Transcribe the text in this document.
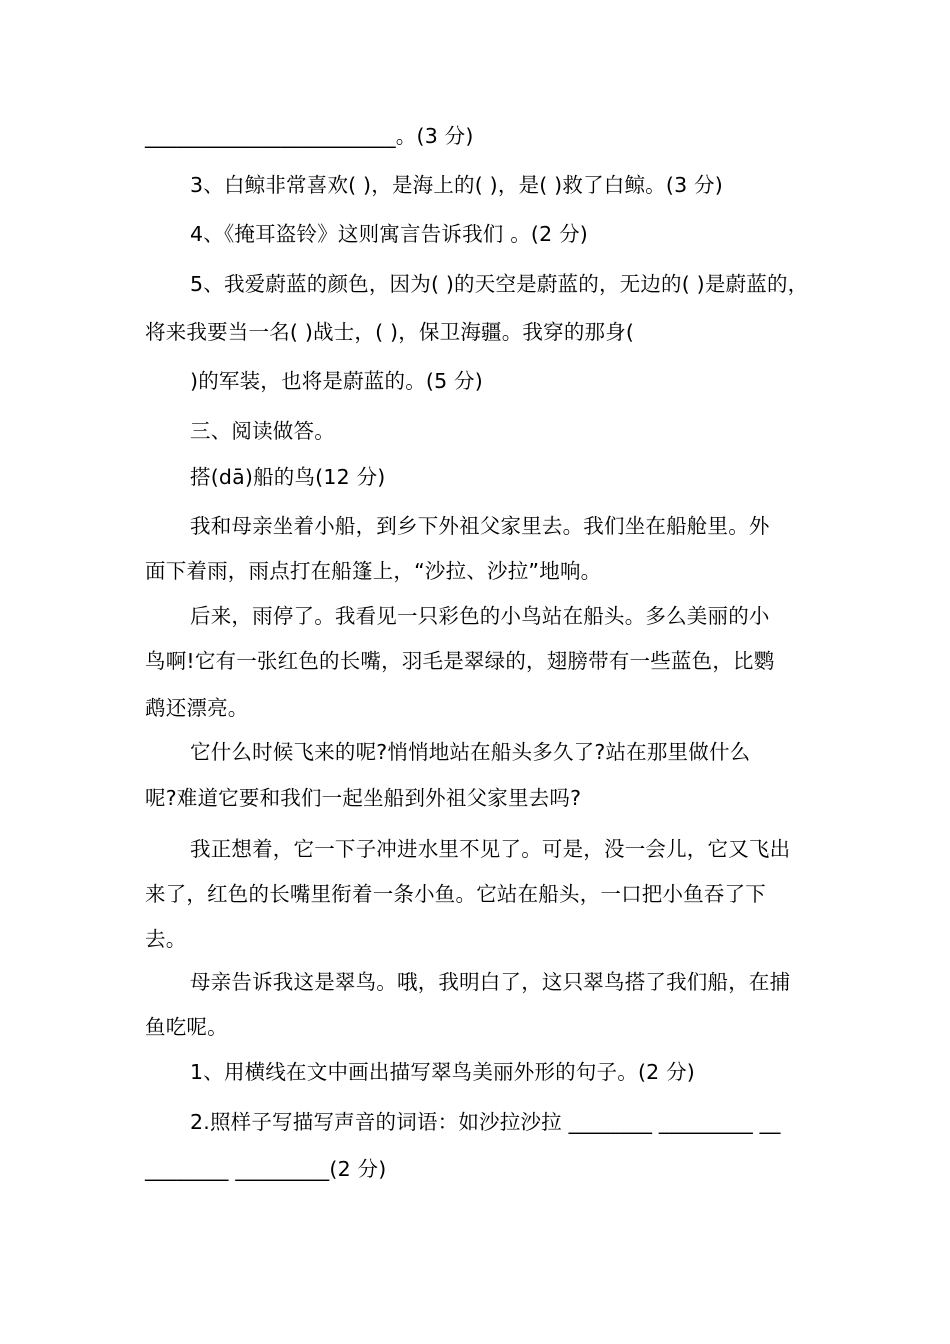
________________________。(3 分)
3、白鲸非常喜欢( )，是海上的( )，是( )救了白鲸。(3 分)
4、《掩耳盗铃》这则寓言告诉我们 。(2 分)
5、我爱蔚蓝的颜色，因为( )的天空是蔚蓝的，无边的( )是蔚蓝的，
将来我要当一名( )战士，( )，保卫海疆。我穿的那身(
)的军装，也将是蔚蓝的。(5 分)
三、阅读做答。
搭(dā)船的鸟(12 分)
我和母亲坐着小船，到乡下外祖父家里去。我们坐在船舱里。外
面下着雨，雨点打在船篷上，“沙拉、沙拉”地响。
后来，雨停了。我看见一只彩色的小鸟站在船头。多么美丽的小
鸟啊!它有一张红色的长嘴，羽毛是翠绿的，翅膀带有一些蓝色，比鹦
鹉还漂亮。
它什么时候飞来的呢?悄悄地站在船头多久了?站在那里做什么
呢?难道它要和我们一起坐船到外祖父家里去吗?
我正想着，它一下子冲进水里不见了。可是，没一会儿，它又飞出
来了，红色的长嘴里衔着一条小鱼。它站在船头，一口把小鱼吞了下
去。
母亲告诉我这是翠鸟。哦，我明白了，这只翠鸟搭了我们船，在捕
鱼吃呢。
1、用横线在文中画出描写翠鸟美丽外形的句子。(2 分)
2.照样子写描写声音的词语：如沙拉沙拉 ________ _________ __
________ _________(2 分)
